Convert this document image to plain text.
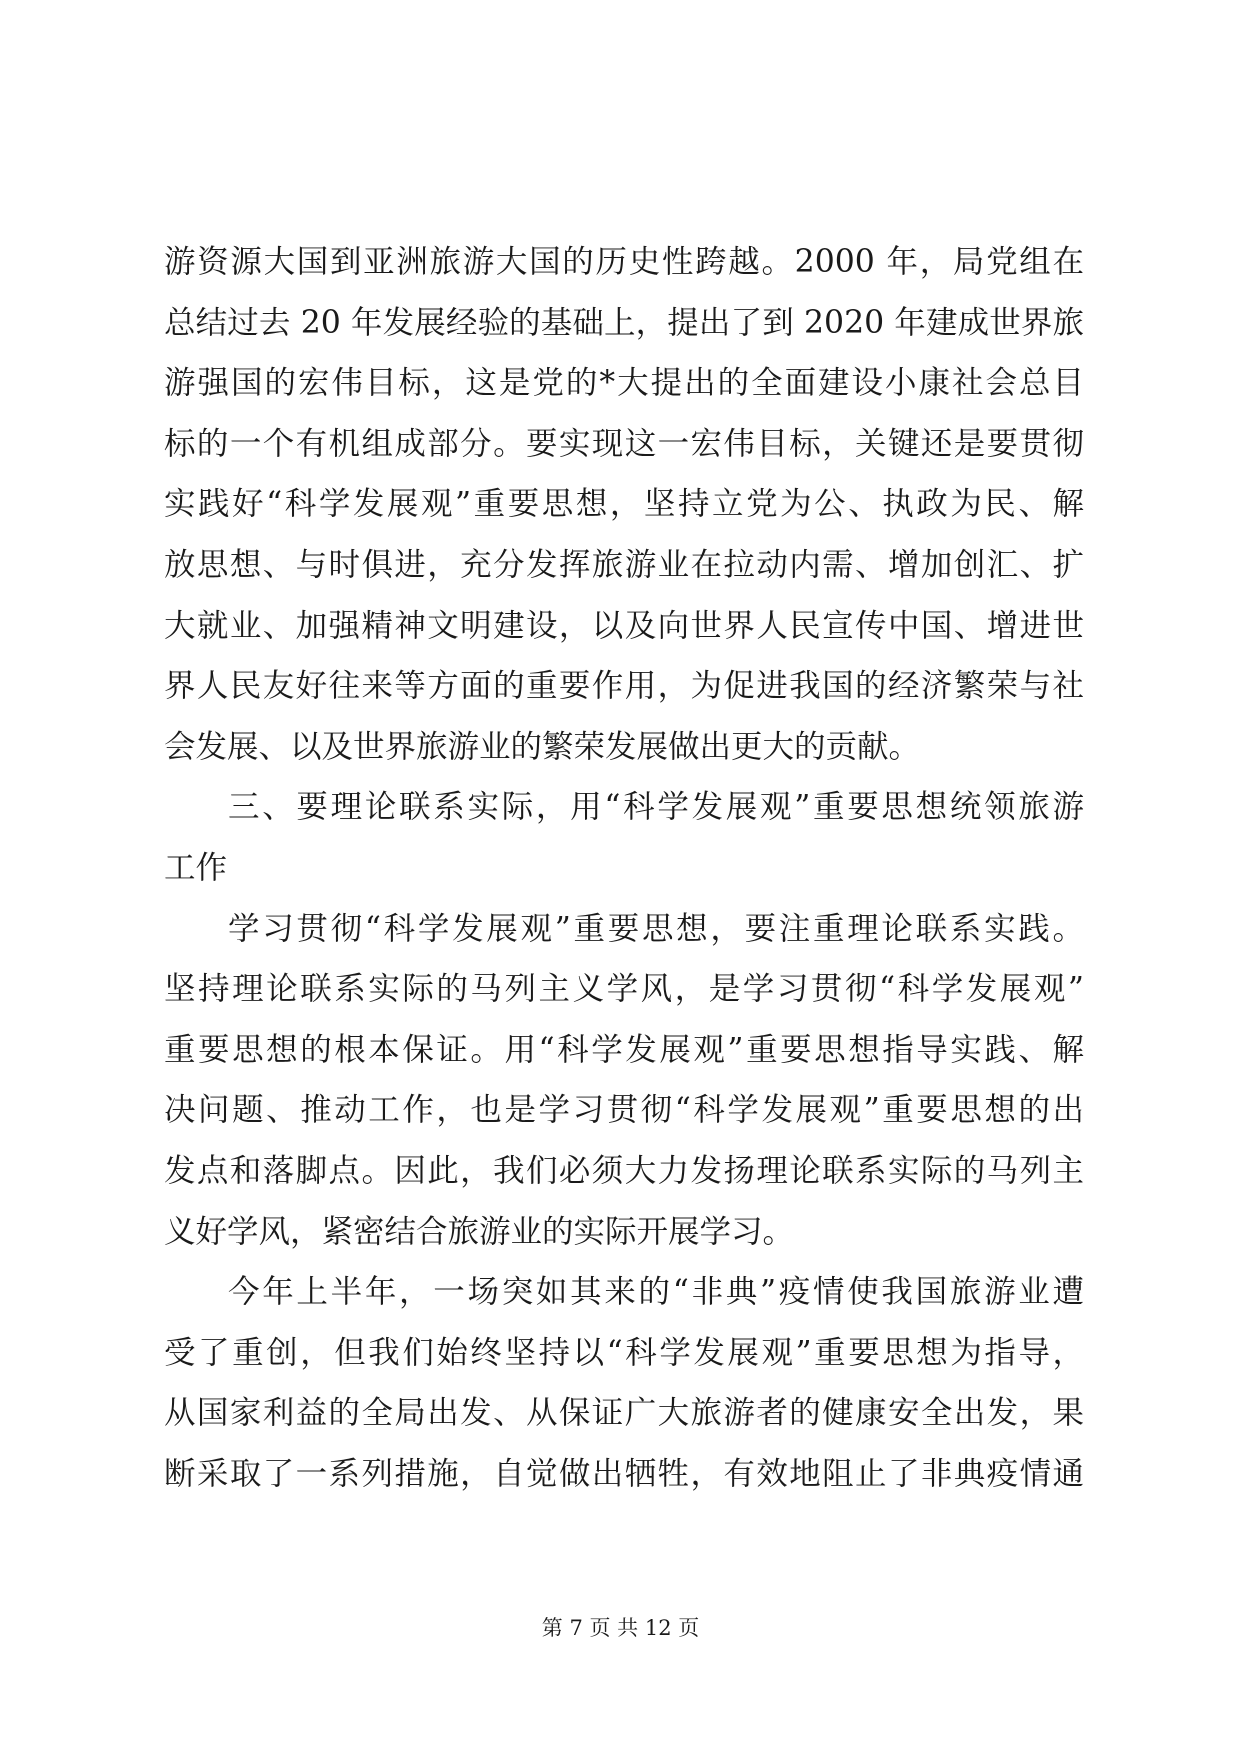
游资源大国到亚洲旅游大国的历史性跨越。2000 年，局党组在
总结过去 20 年发展经验的基础上，提出了到 2020 年建成世界旅
游强国的宏伟目标，这是党的*大提出的全面建设小康社会总目
标的一个有机组成部分。要实现这一宏伟目标，关键还是要贯彻
实践好“科学发展观”重要思想，坚持立党为公、执政为民、解
放思想、与时俱进，充分发挥旅游业在拉动内需、增加创汇、扩
大就业、加强精神文明建设，以及向世界人民宣传中国、增进世
界人民友好往来等方面的重要作用，为促进我国的经济繁荣与社
会发展、以及世界旅游业的繁荣发展做出更大的贡献。
三、要理论联系实际，用“科学发展观”重要思想统领旅游
工作
学习贯彻“科学发展观”重要思想，要注重理论联系实践。
坚持理论联系实际的马列主义学风，是学习贯彻“科学发展观”
重要思想的根本保证。用“科学发展观”重要思想指导实践、解
决问题、推动工作，也是学习贯彻“科学发展观”重要思想的出
发点和落脚点。因此，我们必须大力发扬理论联系实际的马列主
义好学风，紧密结合旅游业的实际开展学习。
今年上半年，一场突如其来的“非典”疫情使我国旅游业遭
受了重创，但我们始终坚持以“科学发展观”重要思想为指导，
从国家利益的全局出发、从保证广大旅游者的健康安全出发，果
断采取了一系列措施，自觉做出牺牲，有效地阻止了非典疫情通
第 7 页 共 12 页
